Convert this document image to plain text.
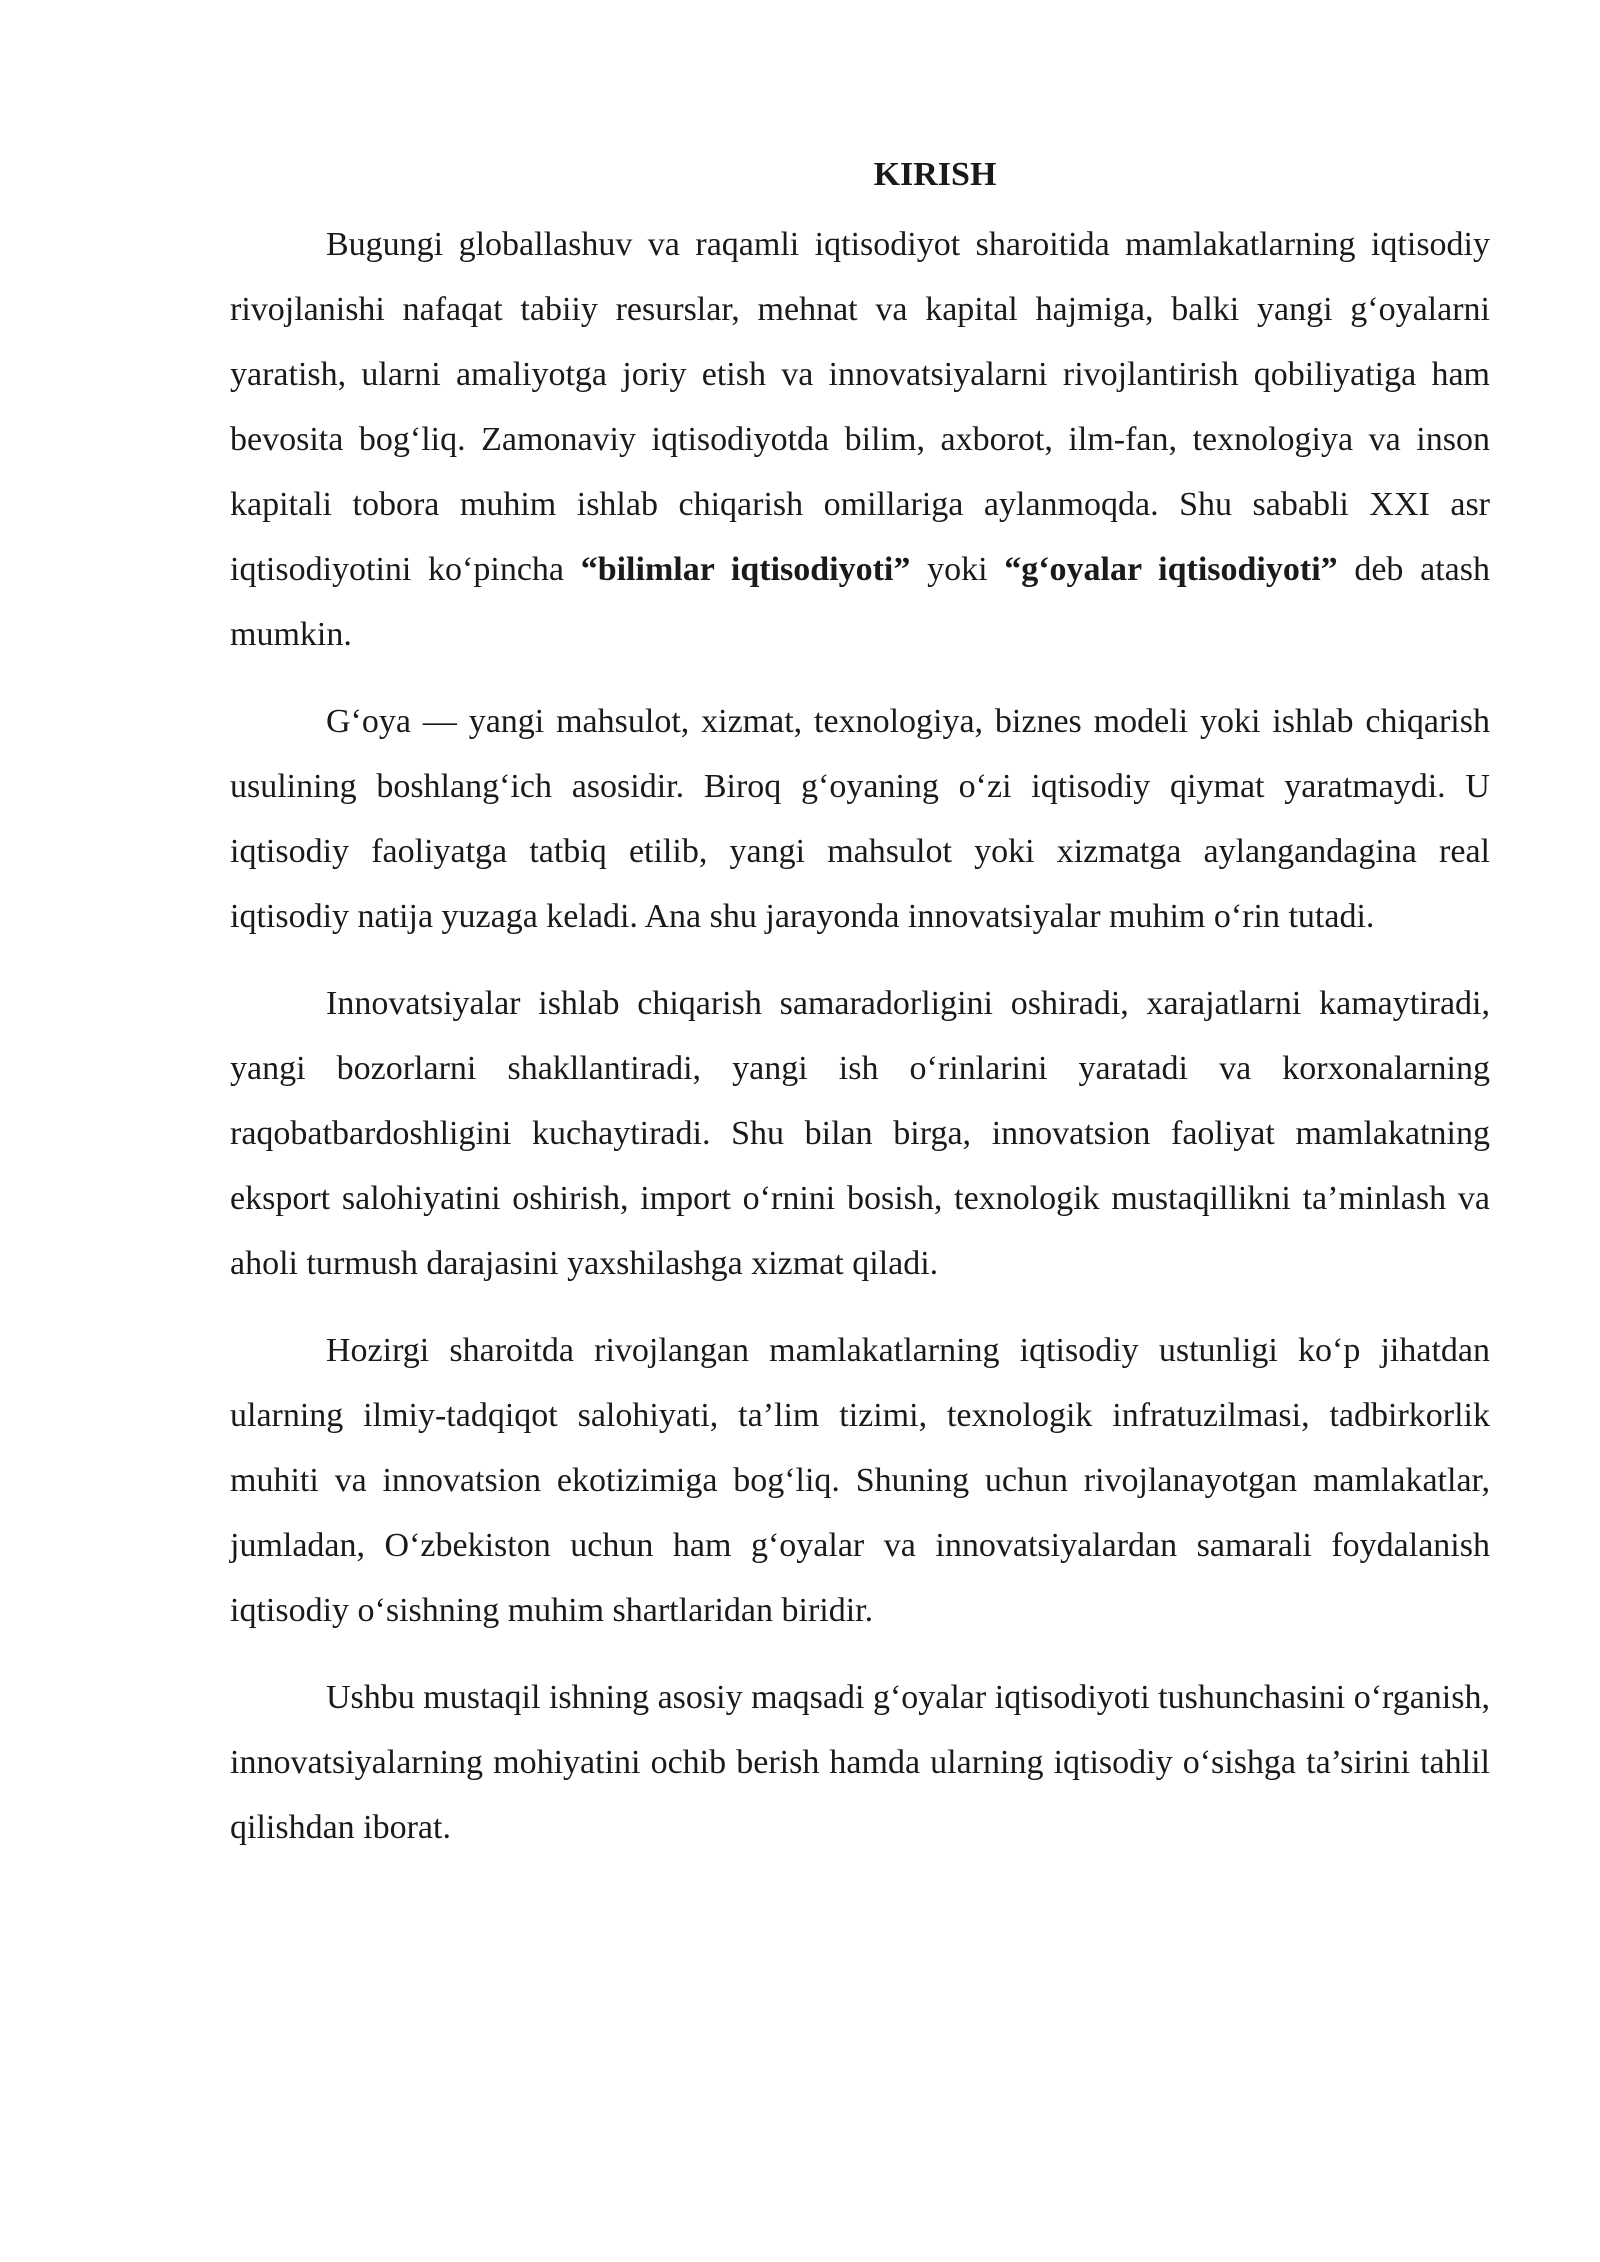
KIRISH

Bugungi globallashuv va raqamli iqtisodiyot sharoitida mamlakatlarning iqtisodiy rivojlanishi nafaqat tabiiy resurslar, mehnat va kapital hajmiga, balki yangi g‘oyalarni yaratish, ularni amaliyotga joriy etish va innovatsiyalarni rivojlantirish qobiliyatiga ham bevosita bog‘liq. Zamonaviy iqtisodiyotda bilim, axborot, ilm-fan, texnologiya va inson kapitali tobora muhim ishlab chiqarish omillariga aylanmoqda. Shu sababli XXI asr iqtisodiyotini ko‘pincha “bilimlar iqtisodiyoti” yoki “g‘oyalar iqtisodiyoti” deb atash mumkin.

G‘oya — yangi mahsulot, xizmat, texnologiya, biznes modeli yoki ishlab chiqarish usulining boshlang‘ich asosidir. Biroq g‘oyaning o‘zi iqtisodiy qiymat yaratmaydi. U iqtisodiy faoliyatga tatbiq etilib, yangi mahsulot yoki xizmatga aylangandagina real iqtisodiy natija yuzaga keladi. Ana shu jarayonda innovatsiyalar muhim o‘rin tutadi.

Innovatsiyalar ishlab chiqarish samaradorligini oshiradi, xarajatlarni kamaytiradi, yangi bozorlarni shakllantiradi, yangi ish o‘rinlarini yaratadi va korxonalarning raqobatbardoshligini kuchaytiradi. Shu bilan birga, innovatsion faoliyat mamlakatning eksport salohiyatini oshirish, import o‘rnini bosish, texnologik mustaqillikni ta’minlash va aholi turmush darajasini yaxshilashga xizmat qiladi.

Hozirgi sharoitda rivojlangan mamlakatlarning iqtisodiy ustunligi ko‘p jihatdan ularning ilmiy-tadqiqot salohiyati, ta’lim tizimi, texnologik infratuzilmasi, tadbirkorlik muhiti va innovatsion ekotizimiga bog‘liq. Shuning uchun rivojlanayotgan mamlakatlar, jumladan, O‘zbekiston uchun ham g‘oyalar va innovatsiyalardan samarali foydalanish iqtisodiy o‘sishning muhim shartlaridan biridir.

Ushbu mustaqil ishning asosiy maqsadi g‘oyalar iqtisodiyoti tushunchasini o‘rganish, innovatsiyalarning mohiyatini ochib berish hamda ularning iqtisodiy o‘sishga ta’sirini tahlil qilishdan iborat.
